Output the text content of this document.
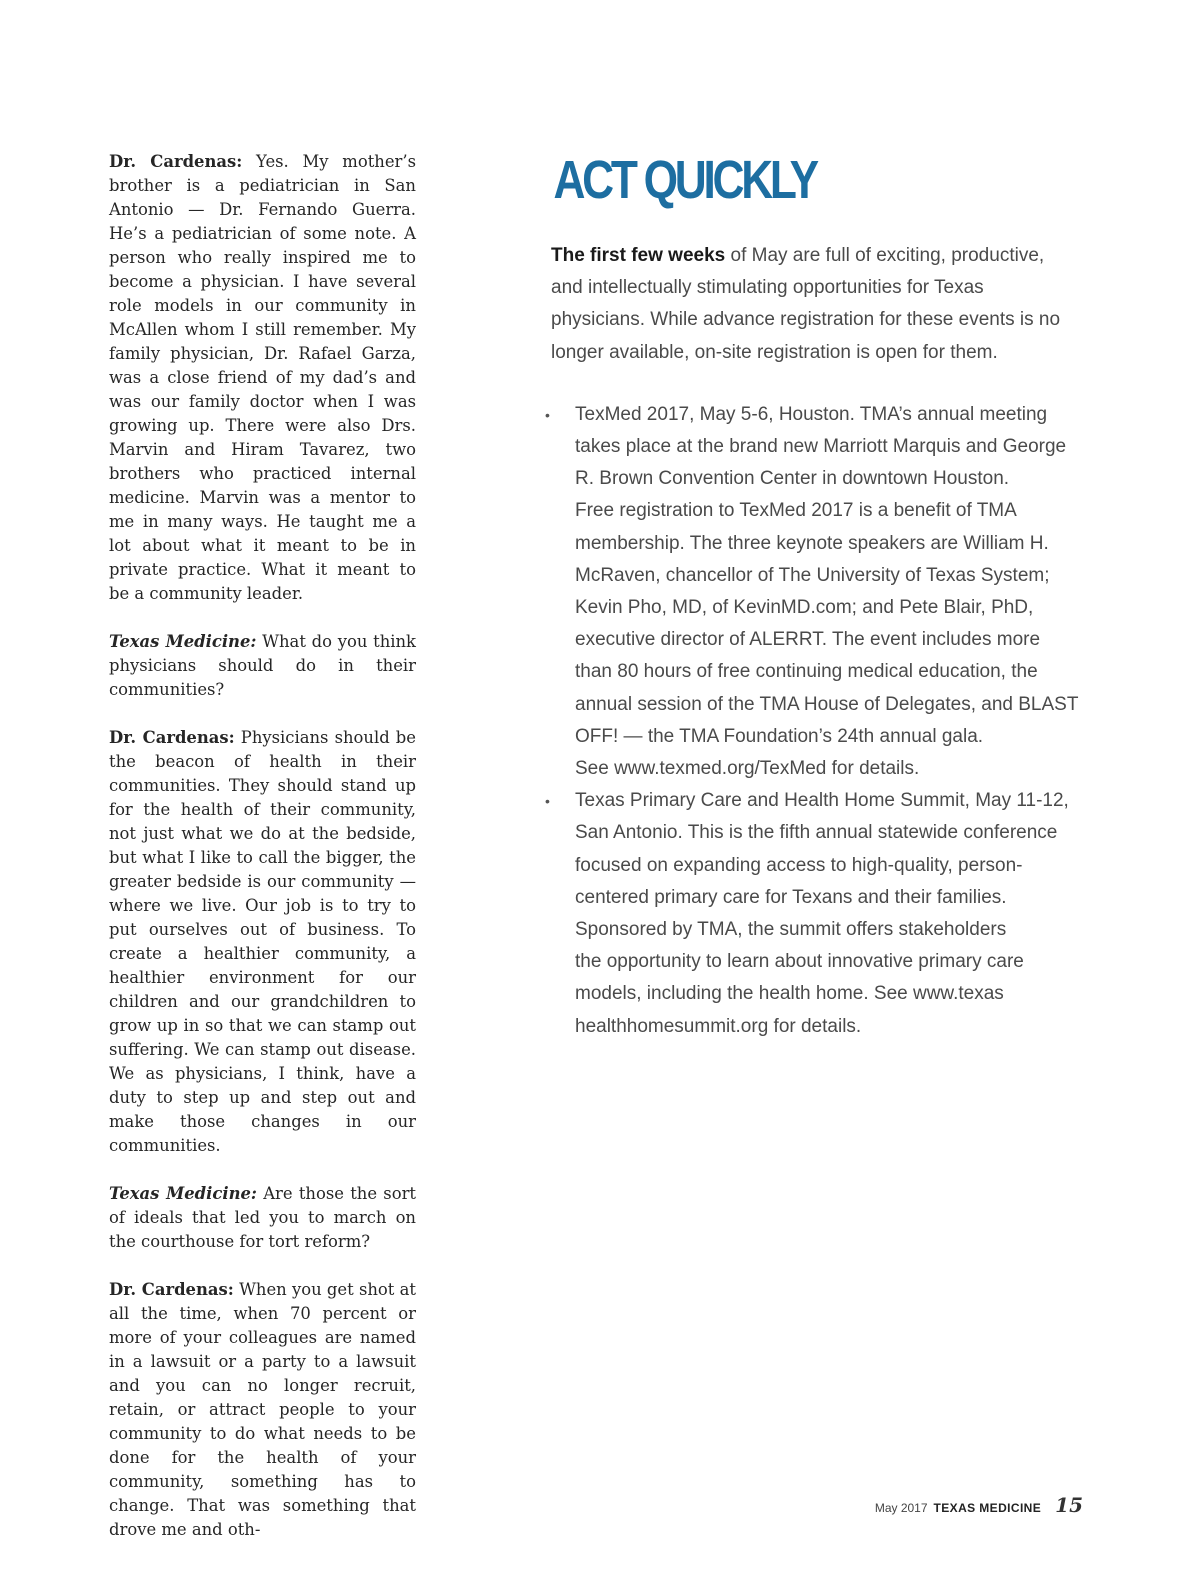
Dr. Cardenas: Yes. My mother’s brother is a pediatrician in San Antonio — Dr. Fernando Guerra. He’s a pediatrician of some note. A person who really inspired me to become a physician. I have several role models in our community in McAllen whom I still remember. My family physician, Dr. Rafael Garza, was a close friend of my dad’s and was our family doctor when I was growing up. There were also Drs. Marvin and Hiram Tavarez, two brothers who practiced internal medicine. Marvin was a mentor to me in many ways. He taught me a lot about what it meant to be in private practice. What it meant to be a community leader.

Texas Medicine: What do you think physicians should do in their communities?

Dr. Cardenas: Physicians should be the beacon of health in their communities. They should stand up for the health of their community, not just what we do at the bedside, but what I like to call the bigger, the greater bedside is our community — where we live. Our job is to try to put ourselves out of business. To create a healthier community, a healthier environment for our children and our grandchildren to grow up in so that we can stamp out suffering. We can stamp out disease. We as physicians, I think, have a duty to step up and step out and make those changes in our communities.

Texas Medicine: Are those the sort of ideals that led you to march on the courthouse for tort reform?

Dr. Cardenas: When you get shot at all the time, when 70 percent or more of your colleagues are named in a lawsuit or a party to a lawsuit and you can no longer recruit, retain, or attract people to your community to do what needs to be done for the health of your community, something has to change. That was something that drove me and oth-

ACT QUICKLY

The first few weeks of May are full of exciting, productive, and intellectually stimulating opportunities for Texas physicians. While advance registration for these events is no longer available, on-site registration is open for them.

• TexMed 2017, May 5-6, Houston. TMA’s annual meeting
takes place at the brand new Marriott Marquis and George
R. Brown Convention Center in downtown Houston.
Free registration to TexMed 2017 is a benefit of TMA
membership. The three keynote speakers are William H.
McRaven, chancellor of The University of Texas System;
Kevin Pho, MD, of KevinMD.com; and Pete Blair, PhD,
executive director of ALERRT. The event includes more
than 80 hours of free continuing medical education, the
annual session of the TMA House of Delegates, and BLAST
OFF! — the TMA Foundation’s 24th annual gala.
See www.texmed.org/TexMed for details.
• Texas Primary Care and Health Home Summit, May 11-12,
San Antonio. This is the fifth annual statewide conference
focused on expanding access to high-quality, person-
centered primary care for Texans and their families.
Sponsored by TMA, the summit offers stakeholders
the opportunity to learn about innovative primary care
models, including the health home. See www.texas
healthhomesummit.org for details.
May 2017 TEXAS MEDICINE 15
